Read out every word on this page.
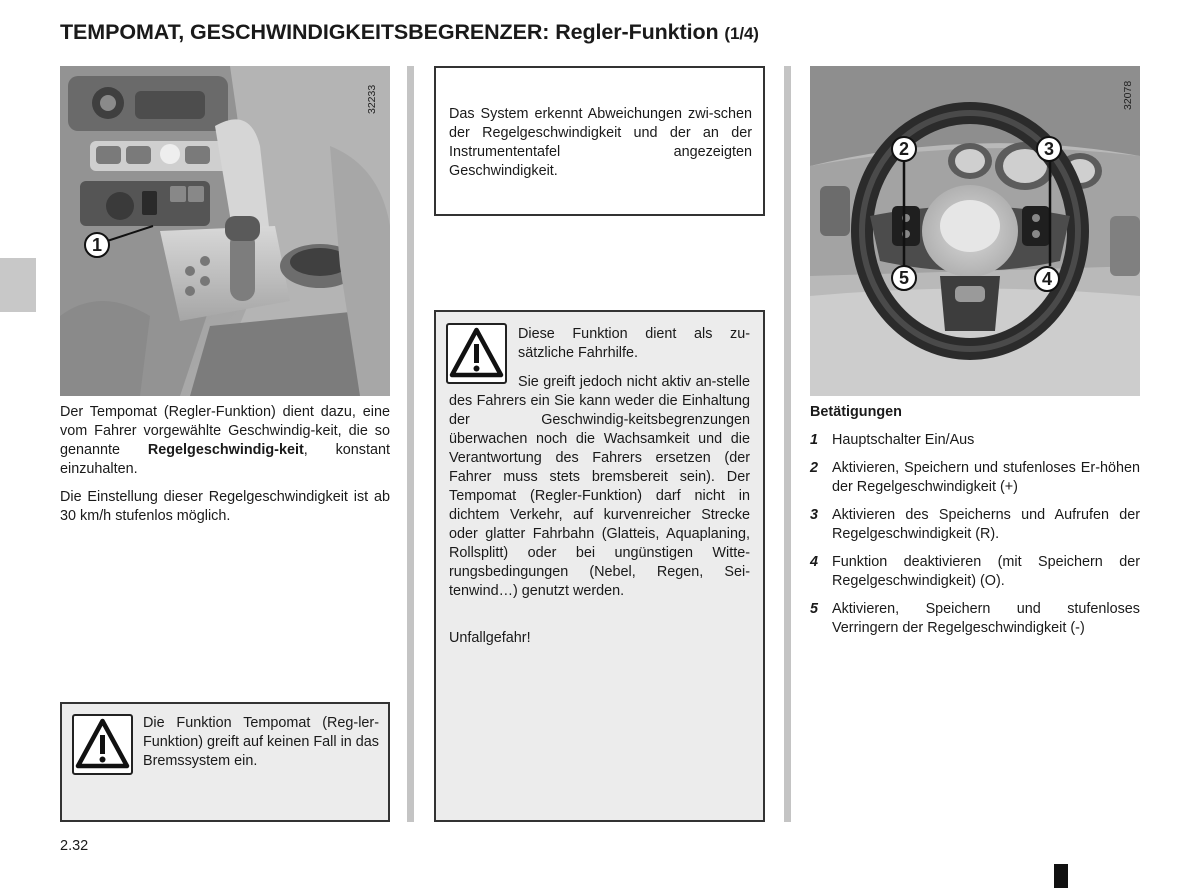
TEMPOMAT, GESCHWINDIGKEITSBEGRENZER: Regler-Funktion (1/4)
32233
1

Der Tempomat (Regler-Funktion) dient dazu, eine vom Fahrer vorgewählte Geschwindig-keit, die so genannte Regelgeschwindig-keit, konstant einzuhalten.

Die Einstellung dieser Regelgeschwindigkeit ist ab 30 km/h stufenlos möglich.

Die Funktion Tempomat (Reg-ler-Funktion) greift auf keinen Fall in das Bremssystem ein.
Das System erkennt Abweichungen zwi-schen der Regelgeschwindigkeit und der an der Instrumententafel angezeigten Geschwindigkeit.
Diese Funktion dient als zu-sätzliche Fahrhilfe.
Sie greift jedoch nicht aktiv an-stelle des Fahrers ein Sie kann weder die Einhaltung der Geschwindig-keitsbegrenzungen überwachen noch die Wachsamkeit und die Verantwortung des Fahrers ersetzen (der Fahrer muss stets bremsbereit sein). Der Tempomat (Regler-Funktion) darf nicht in dichtem Verkehr, auf kurvenreicher Strecke oder glatter Fahrbahn (Glatteis, Aquaplaning, Rollsplitt) oder bei ungünstigen Witte-rungsbedingungen (Nebel, Regen, Sei-tenwind…) genutzt werden.
Unfallgefahr!
32078
2	3
5	4
Betätigungen
1 Hauptschalter Ein/Aus
2 Aktivieren, Speichern und stufenloses Er-höhen der Regelgeschwindigkeit (+)
3 Aktivieren des Speicherns und Aufrufen der Regelgeschwindigkeit (R).
4 Funktion deaktivieren (mit Speichern der Regelgeschwindigkeit) (O).
5 Aktivieren, Speichern und stufenloses Verringern der Regelgeschwindigkeit (-)
2.32
